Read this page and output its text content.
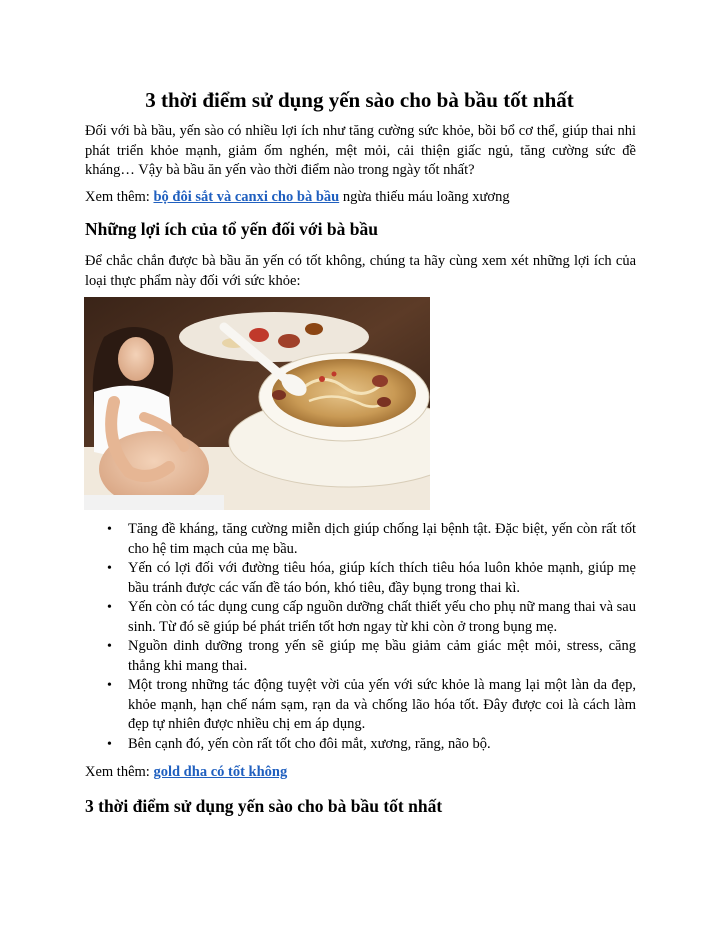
3 thời điểm sử dụng yến sào cho bà bầu tốt nhất

Đối với bà bầu, yến sào có nhiều lợi ích như tăng cường sức khỏe, bồi bổ cơ thể, giúp thai nhi phát triển khỏe mạnh, giảm ốm nghén, mệt mỏi, cải thiện giấc ngủ, tăng cường sức đề kháng… Vậy bà bầu ăn yến vào thời điểm nào trong ngày tốt nhất?

Xem thêm: bộ đôi sắt và canxi cho bà bầu ngừa thiếu máu loãng xương

Những lợi ích của tổ yến đối với bà bầu

Để chắc chắn được bà bầu ăn yến có tốt không, chúng ta hãy cùng xem xét những lợi ích của loại thực phẩm này đối với sức khỏe:

• Tăng đề kháng, tăng cường miễn dịch giúp chống lại bệnh tật. Đặc biệt, yến còn rất tốt cho hệ tim mạch của mẹ bầu.
• Yến có lợi đối với đường tiêu hóa, giúp kích thích tiêu hóa luôn khỏe mạnh, giúp mẹ bầu tránh được các vấn đề táo bón, khó tiêu, đầy bụng trong thai kì.
• Yến còn có tác dụng cung cấp nguồn dưỡng chất thiết yếu cho phụ nữ mang thai và sau sinh. Từ đó sẽ giúp bé phát triển tốt hơn ngay từ khi còn ở trong bụng mẹ.
• Nguồn dinh dưỡng trong yến sẽ giúp mẹ bầu giảm cảm giác mệt mỏi, stress, căng thẳng khi mang thai.
• Một trong những tác động tuyệt vời của yến với sức khỏe là mang lại một làn da đẹp, khỏe mạnh, hạn chế nám sạm, rạn da và chống lão hóa tốt. Đây được coi là cách làm đẹp tự nhiên được nhiều chị em áp dụng.
• Bên cạnh đó, yến còn rất tốt cho đôi mắt, xương, răng, não bộ.

Xem thêm: gold dha có tốt không

3 thời điểm sử dụng yến sào cho bà bầu tốt nhất
